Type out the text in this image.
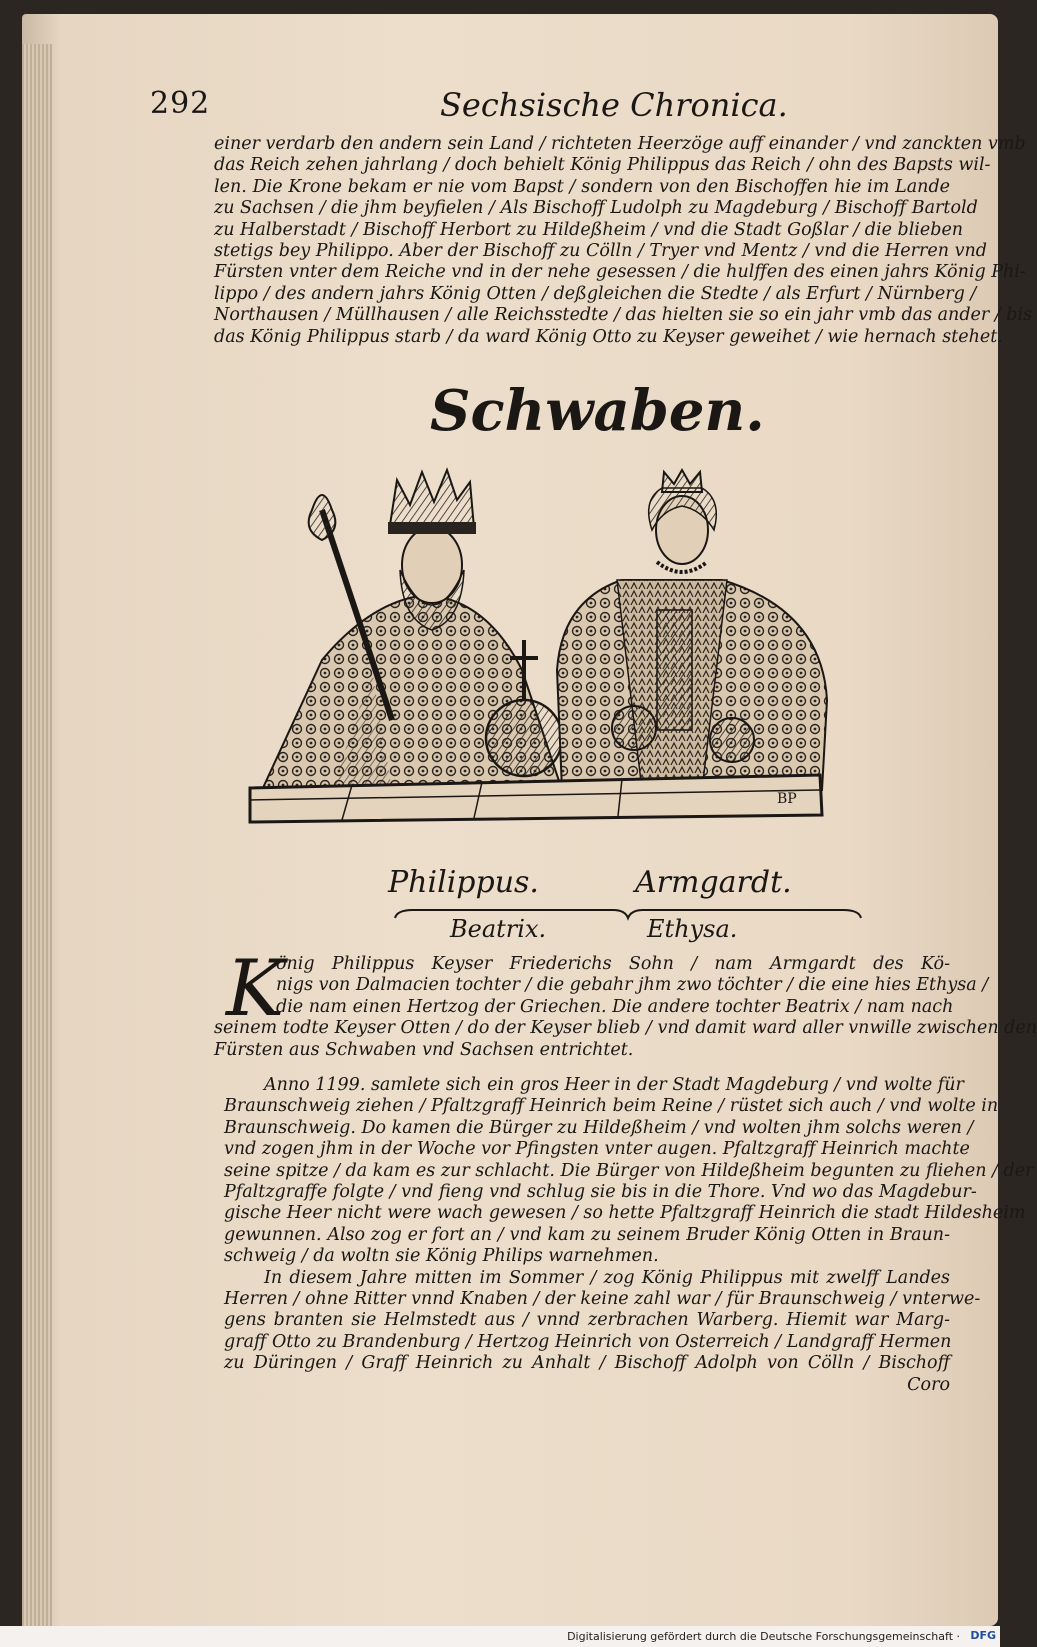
292	Sechsische Chronica.
einer verdarb den andern sein Land / richteten Heerzöge auff einander / vnd zanckten vmb
das Reich zehen jahrlang / doch behielt König Philippus das Reich / ohn des Bapsts wil-
len. Die Krone bekam er nie vom Bapst / sondern von den Bischoffen hie im Lande
zu Sachsen / die jhm beyfielen / Als Bischoff Ludolph zu Magdeburg / Bischoff Bartold
zu Halberstadt / Bischoff Herbort zu Hildeßheim / vnd die Stadt Goßlar / die blieben
stetigs bey Philippo. Aber der Bischoff zu Cölln / Tryer vnd Mentz / vnd die Herren vnd
Fürsten vnter dem Reiche vnd in der nehe gesessen / die hulffen des einen jahrs König Phi-
lippo / des andern jahrs König Otten / deßgleichen die Stedte / als Erfurt / Nürnberg /
Northausen / Müllhausen / alle Reichsstedte / das hielten sie so ein jahr vmb das ander / bis
das König Philippus starb / da ward König Otto zu Keyser geweihet / wie hernach stehet.
Schwaben.
BP
Philippus.	Armgardt.
Beatrix.	Ethysa.
K
önig Philippus Keyser Friederichs Sohn / nam Armgardt des Kö-
nigs von Dalmacien tochter / die gebahr jhm zwo töchter / die eine hies Ethysa /
die nam einen Hertzog der Griechen. Die andere tochter Beatrix / nam nach
seinem todte Keyser Otten / do der Keyser blieb / vnd damit ward aller vnwille zwischen den
Fürsten aus Schwaben vnd Sachsen entrichtet.
Anno 1199. samlete sich ein gros Heer in der Stadt Magdeburg / vnd wolte für
Braunschweig ziehen / Pfaltzgraff Heinrich beim Reine / rüstet sich auch / vnd wolte in
Braunschweig. Do kamen die Bürger zu Hildeßheim / vnd wolten jhm solchs weren /
vnd zogen jhm in der Woche vor Pfingsten vnter augen. Pfaltzgraff Heinrich machte
seine spitze / da kam es zur schlacht. Die Bürger von Hildeßheim begunten zu fliehen / der
Pfaltzgraffe folgte / vnd fieng vnd schlug sie bis in die Thore. Vnd wo das Magdebur-
gische Heer nicht were wach gewesen / so hette Pfaltzgraff Heinrich die stadt Hildesheim
gewunnen. Also zog er fort an / vnd kam zu seinem Bruder König Otten in Braun-
schweig / da woltn sie König Philips warnehmen.
In diesem Jahre mitten im Sommer / zog König Philippus mit zwelff Landes
Herren / ohne Ritter vnnd Knaben / der keine zahl war / für Braunschweig / vnterwe-
gens branten sie Helmstedt aus / vnnd zerbrachen Warberg. Hiemit war Marg-
graff Otto zu Brandenburg / Hertzog Heinrich von Osterreich / Landgraff Hermen
zu Düringen / Graff Heinrich zu Anhalt / Bischoff Adolph von Cölln / Bischoff
Coro
Digitalisierung gefördert durch die Deutsche Forschungsgemeinschaft · DFG
